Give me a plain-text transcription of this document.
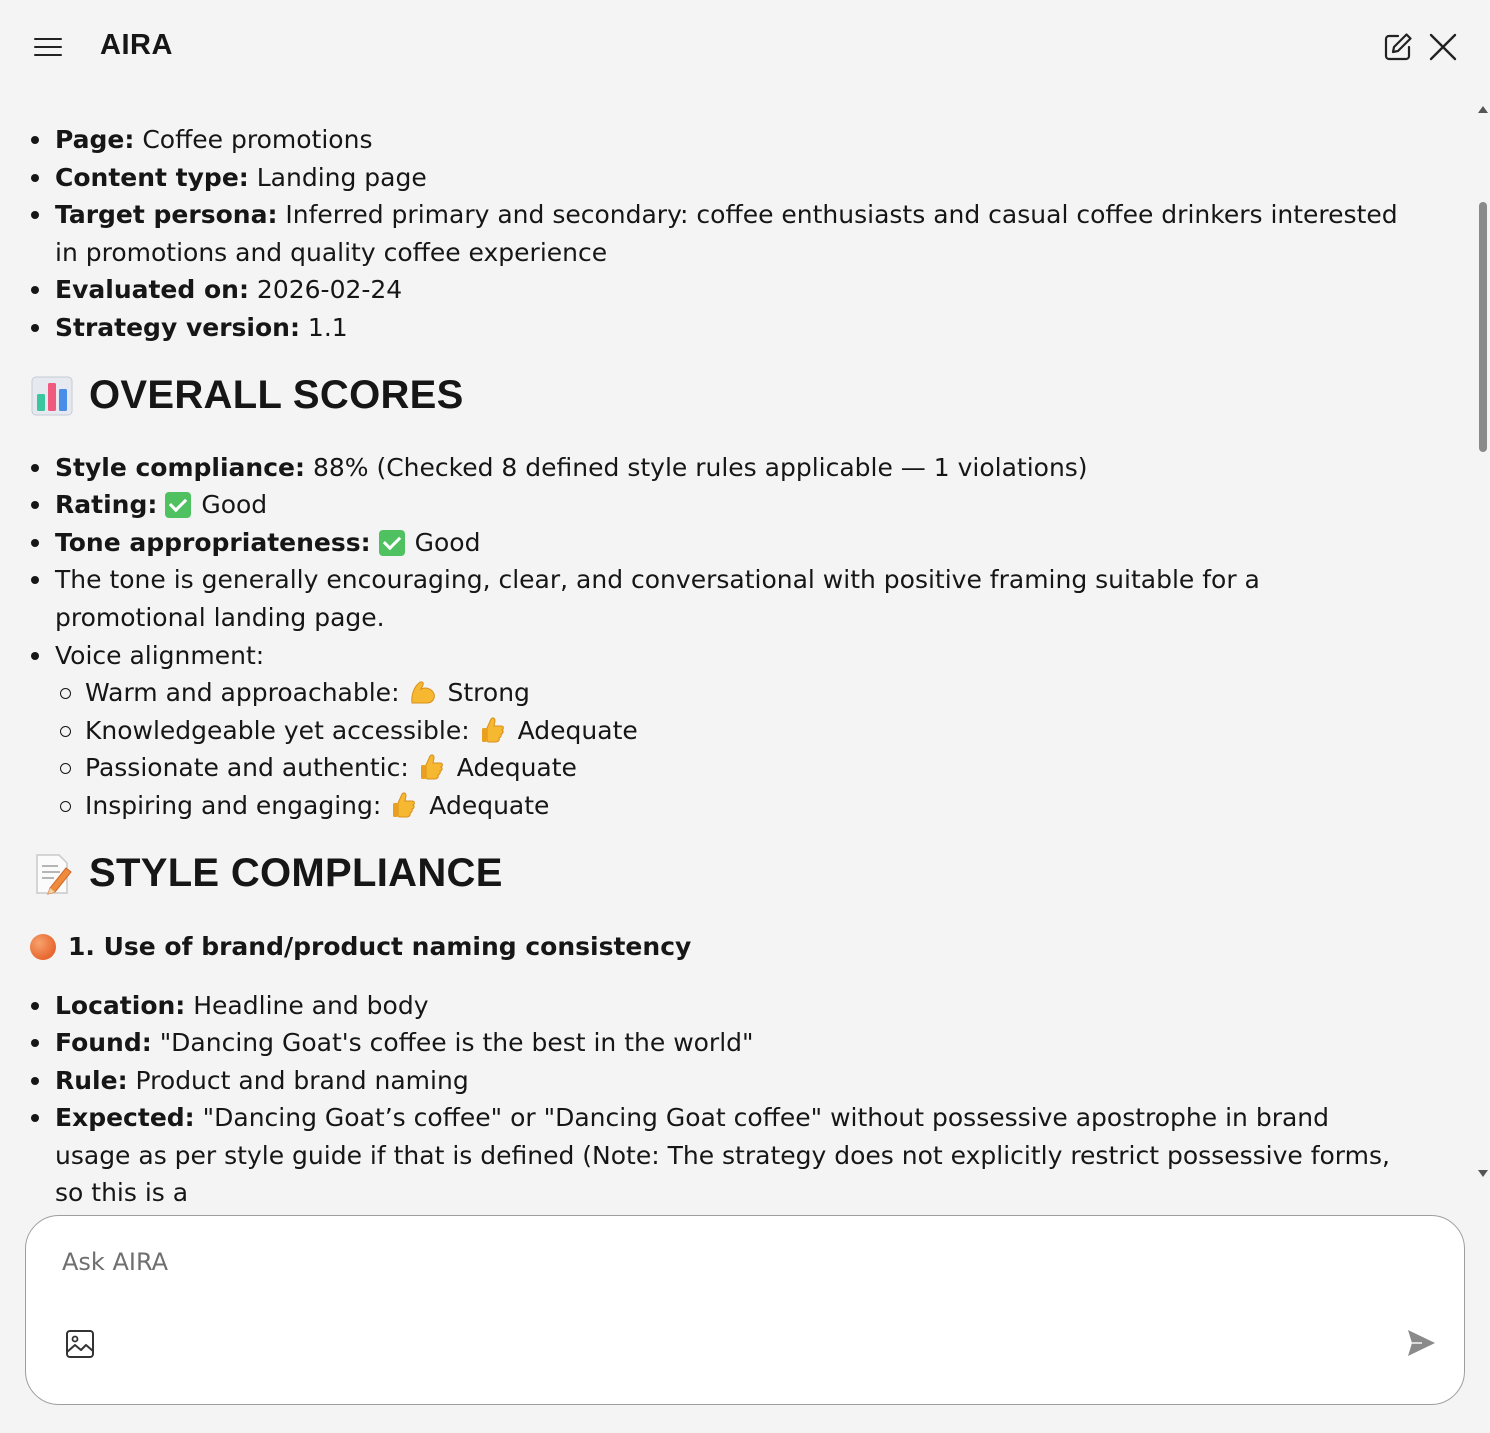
AIRA
Page: Coffee promotions
Content type: Landing page
Target persona: Inferred primary and secondary: coffee enthusiasts and casual coffee drinkers interested in promotions and quality coffee experience
Evaluated on: 2026-02-24
Strategy version: 1.1
OVERALL SCORES
Style compliance: 88% (Checked 8 defined style rules applicable — 1 violations)
Rating: Good
Tone appropriateness: Good
The tone is generally encouraging, clear, and conversational with positive framing suitable for a promotional landing page.
Voice alignment:
Warm and approachable: Strong
Knowledgeable yet accessible: Adequate
Passionate and authentic: Adequate
Inspiring and engaging: Adequate
STYLE COMPLIANCE
1. Use of brand/product naming consistency
Location: Headline and body
Found: "Dancing Goat's coffee is the best in the world"
Rule: Product and brand naming
Expected: "Dancing Goat’s coffee" or "Dancing Goat coffee" without possessive apostrophe in brand usage as per style guide if that is defined (Note: The strategy does not explicitly restrict possessive forms, so this is a
Ask AIRA
